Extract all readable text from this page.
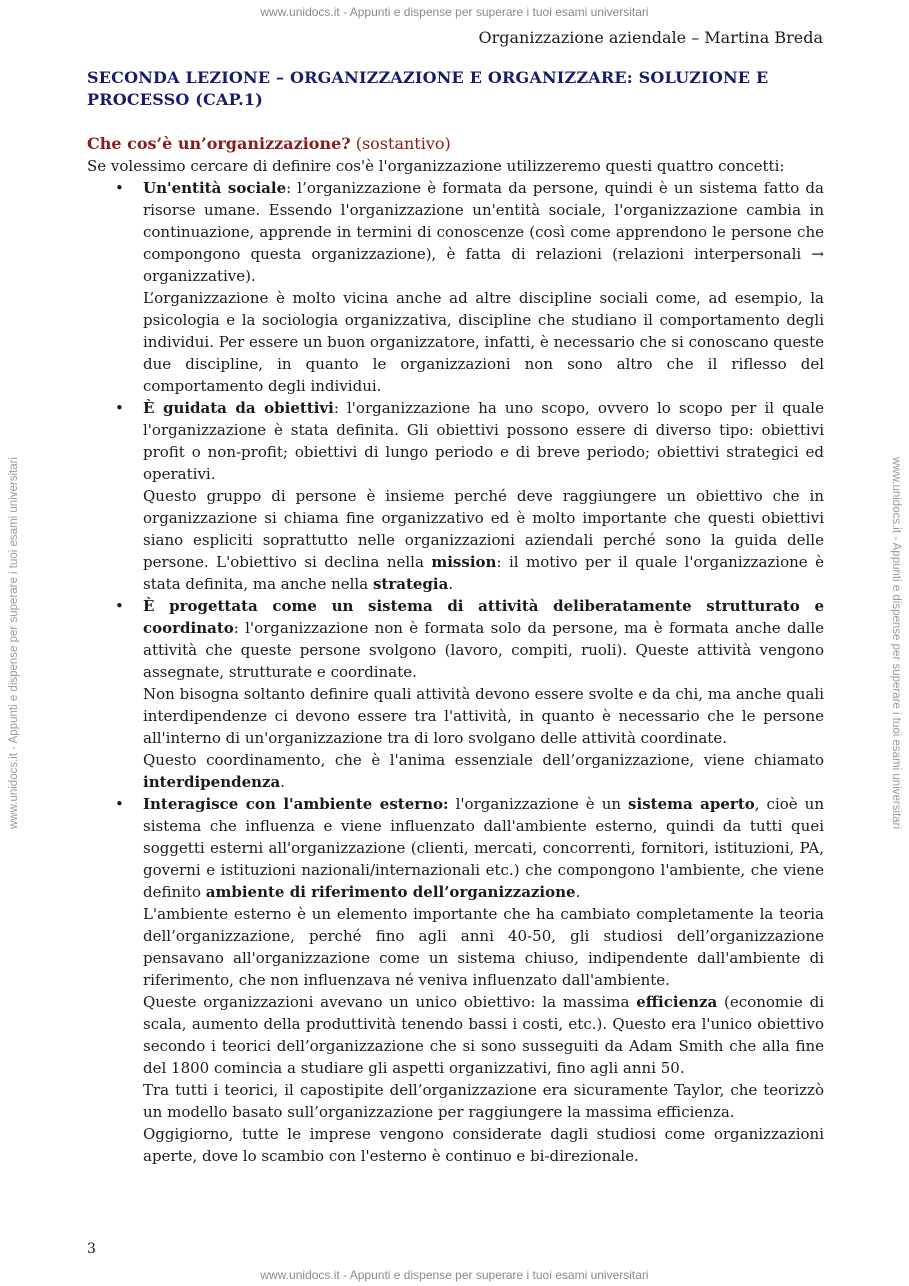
www.unidocs.it - Appunti e dispense per superare i tuoi esami universitari
www.unidocs.it - Appunti e dispense per superare i tuoi esami universitari
www.unidocs.it - Appunti e dispense per superare i tuoi esami universitari	www.unidocs.it - Appunti e dispense per superare i tuoi esami universitari
Organizzazione aziendale – Martina Breda
SECONDA LEZIONE – ORGANIZZAZIONE E ORGANIZZARE: SOLUZIONE E PROCESSO (CAP.1)
Che cos’è un’organizzazione? (sostantivo)

Se volessimo cercare di definire cos'è l'organizzazione utilizzeremo questi quattro concetti:

• Un'entità sociale: l’organizzazione è formata da persone, quindi è un sistema fatto da risorse umane. Essendo l'organizzazione un'entità sociale, l'organizzazione cambia in continuazione, apprende in termini di conoscenze (così come apprendono le persone che compongono questa organizzazione), è fatta di relazioni (relazioni interpersonali → organizzative).

L’organizzazione è molto vicina anche ad altre discipline sociali come, ad esempio, la psicologia e la sociologia organizzativa, discipline che studiano il comportamento degli individui. Per essere un buon organizzatore, infatti, è necessario che si conoscano queste due discipline, in quanto le organizzazioni non sono altro che il riflesso del comportamento degli individui.

• È guidata da obiettivi: l'organizzazione ha uno scopo, ovvero lo scopo per il quale l'organizzazione è stata definita. Gli obiettivi possono essere di diverso tipo: obiettivi profit o non-profit; obiettivi di lungo periodo e di breve periodo; obiettivi strategici ed operativi.

Questo gruppo di persone è insieme perché deve raggiungere un obiettivo che in organizzazione si chiama fine organizzativo ed è molto importante che questi obiettivi siano espliciti soprattutto nelle organizzazioni aziendali perché sono la guida delle persone. L'obiettivo si declina nella mission: il motivo per il quale l'organizzazione è stata definita, ma anche nella strategia.

• È progettata come un sistema di attività deliberatamente strutturato e coordinato: l'organizzazione non è formata solo da persone, ma è formata anche dalle attività che queste persone svolgono (lavoro, compiti, ruoli). Queste attività vengono assegnate, strutturate e coordinate.

Non bisogna soltanto definire quali attività devono essere svolte e da chi, ma anche quali interdipendenze ci devono essere tra l'attività, in quanto è necessario che le persone all'interno di un'organizzazione tra di loro svolgano delle attività coordinate.

Questo coordinamento, che è l'anima essenziale dell’organizzazione, viene chiamato interdipendenza.

• Interagisce con l'ambiente esterno: l'organizzazione è un sistema aperto, cioè un sistema che influenza e viene influenzato dall'ambiente esterno, quindi da tutti quei soggetti esterni all'organizzazione (clienti, mercati, concorrenti, fornitori, istituzioni, PA, governi e istituzioni nazionali/internazionali etc.) che compongono l'ambiente, che viene definito ambiente di riferimento dell’organizzazione.

L'ambiente esterno è un elemento importante che ha cambiato completamente la teoria dell’organizzazione, perché fino agli anni 40-50, gli studiosi dell’organizzazione pensavano all'organizzazione come un sistema chiuso, indipendente dall'ambiente di riferimento, che non influenzava né veniva influenzato dall'ambiente.

Queste organizzazioni avevano un unico obiettivo: la massima efficienza (economie di scala, aumento della produttività tenendo bassi i costi, etc.). Questo era l'unico obiettivo secondo i teorici dell’organizzazione che si sono susseguiti da Adam Smith che alla fine del 1800 comincia a studiare gli aspetti organizzativi, fino agli anni 50.

Tra tutti i teorici, il capostipite dell’organizzazione era sicuramente Taylor, che teorizzò un modello basato sull’organizzazione per raggiungere la massima efficienza.

Oggigiorno, tutte le imprese vengono considerate dagli studiosi come organizzazioni aperte, dove lo scambio con l'esterno è continuo e bi-direzionale.

3
